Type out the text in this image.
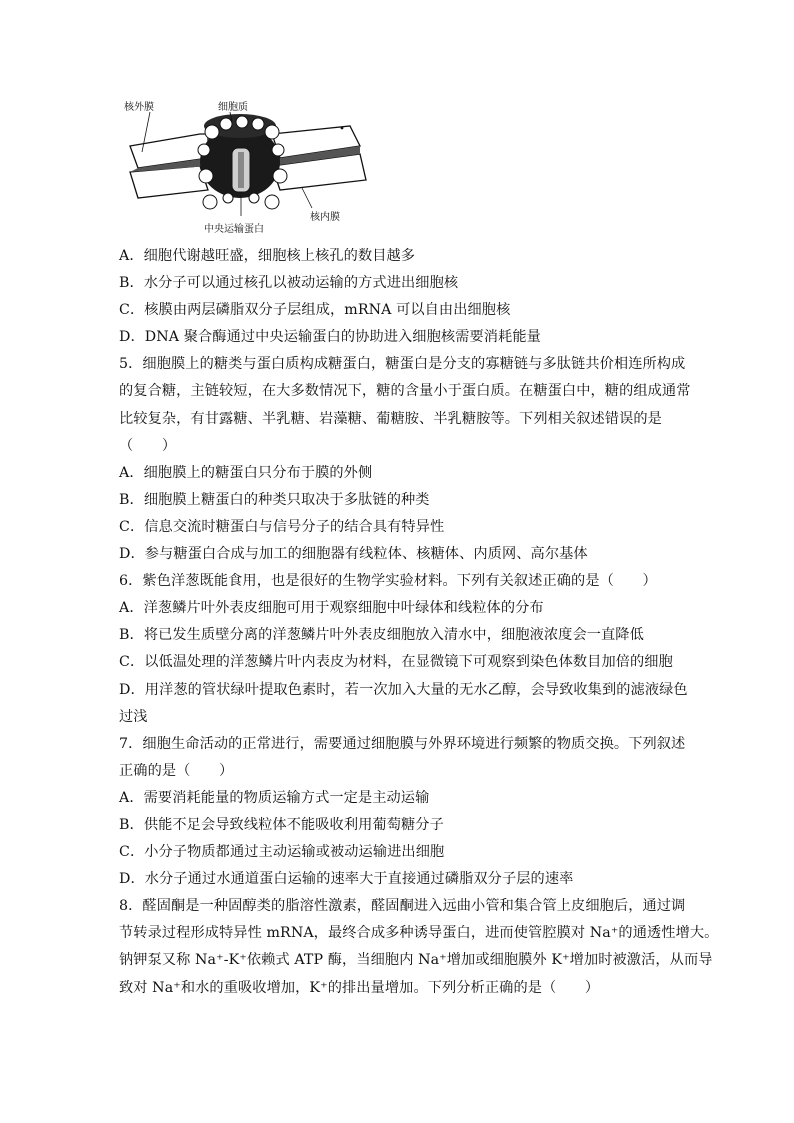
核外膜	细胞质
中央运输蛋白
核内膜
A．细胞代谢越旺盛，细胞核上核孔的数目越多
B．水分子可以通过核孔以被动运输的方式进出细胞核
C．核膜由两层磷脂双分子层组成，mRNA 可以自由出细胞核
D．DNA 聚合酶通过中央运输蛋白的协助进入细胞核需要消耗能量
5．细胞膜上的糖类与蛋白质构成糖蛋白，糖蛋白是分支的寡糖链与多肽链共价相连所构成
的复合糖，主链较短，在大多数情况下，糖的含量小于蛋白质。在糖蛋白中，糖的组成通常
比较复杂，有甘露糖、半乳糖、岩藻糖、葡糖胺、半乳糖胺等。下列相关叙述错误的是
（　　）
A．细胞膜上的糖蛋白只分布于膜的外侧
B．细胞膜上糖蛋白的种类只取决于多肽链的种类
C．信息交流时糖蛋白与信号分子的结合具有特异性
D．参与糖蛋白合成与加工的细胞器有线粒体、核糖体、内质网、高尔基体
6．紫色洋葱既能食用，也是很好的生物学实验材料。下列有关叙述正确的是（　　）
A．洋葱鳞片叶外表皮细胞可用于观察细胞中叶绿体和线粒体的分布
B．将已发生质壁分离的洋葱鳞片叶外表皮细胞放入清水中，细胞液浓度会一直降低
C．以低温处理的洋葱鳞片叶内表皮为材料，在显微镜下可观察到染色体数目加倍的细胞
D．用洋葱的管状绿叶提取色素时，若一次加入大量的无水乙醇，会导致收集到的滤液绿色
过浅
7．细胞生命活动的正常进行，需要通过细胞膜与外界环境进行频繁的物质交换。下列叙述
正确的是（　　）
A．需要消耗能量的物质运输方式一定是主动运输
B．供能不足会导致线粒体不能吸收利用葡萄糖分子
C．小分子物质都通过主动运输或被动运输进出细胞
D．水分子通过水通道蛋白运输的速率大于直接通过磷脂双分子层的速率
8．醛固酮是一种固醇类的脂溶性激素，醛固酮进入远曲小管和集合管上皮细胞后，通过调
节转录过程形成特异性 mRNA，最终合成多种诱导蛋白，进而使管腔膜对 Na⁺的通透性增大。
钠钾泵又称 Na⁺-K⁺依赖式 ATP 酶，当细胞内 Na⁺增加或细胞膜外 K⁺增加时被激活，从而导
致对 Na⁺和水的重吸收增加，K⁺的排出量增加。下列分析正确的是（　　）
